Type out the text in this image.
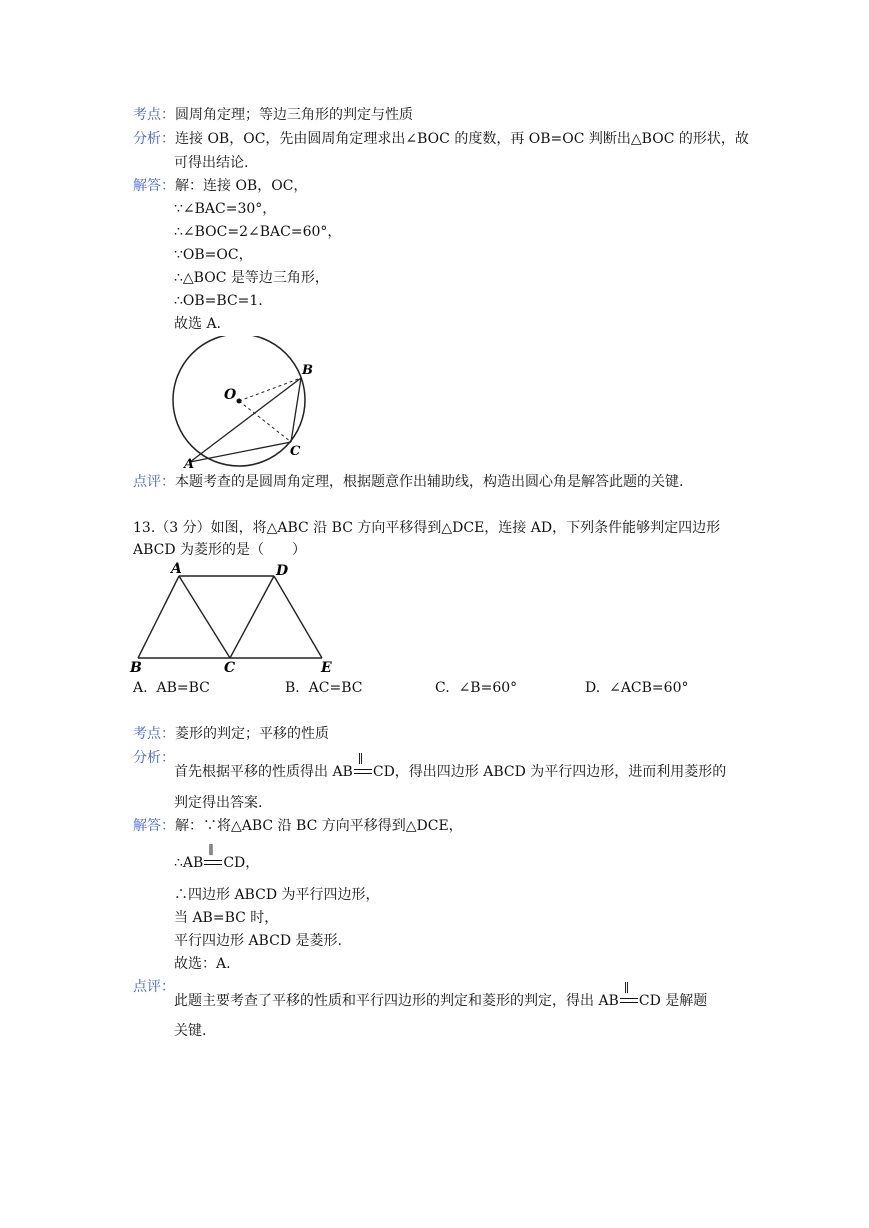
考点：圆周角定理；等边三角形的判定与性质
分析：连接 OB，OC，先由圆周角定理求出∠BOC 的度数，再 OB=OC 判断出△BOC 的形状，故
可得出结论.
解答：解：连接 OB，OC，
∵∠BAC=30°，
∴∠BOC=2∠BAC=60°，
∵OB=OC，
∴△BOC 是等边三角形，
∴OB=BC=1.
故选 A.
O
B
C
A
点评：本题考查的是圆周角定理，根据题意作出辅助线，构造出圆心角是解答此题的关键.
13.（3 分）如图，将△ABC 沿 BC 方向平移得到△DCE，连接 AD，下列条件能够判定四边形
ABCD 为菱形的是（　　）
A	D
B	C	E
A. AB=BC	B. AC=BC	C. ∠B=60°	D. ∠ACB=60°
考点：菱形的判定；平移的性质
分析：
首先根据平移的性质得出 AB
∥
CD，得出四边形 ABCD 为平行四边形，进而利用菱形的
判定得出答案.
解答：解：∵将△ABC 沿 BC 方向平移得到△DCE，
∴AB
∥
CD，
∴四边形 ABCD 为平行四边形，
当 AB=BC 时，
平行四边形 ABCD 是菱形.
故选：A.
点评：
此题主要考查了平移的性质和平行四边形的判定和菱形的判定，得出 AB
∥
CD 是解题
关键.
